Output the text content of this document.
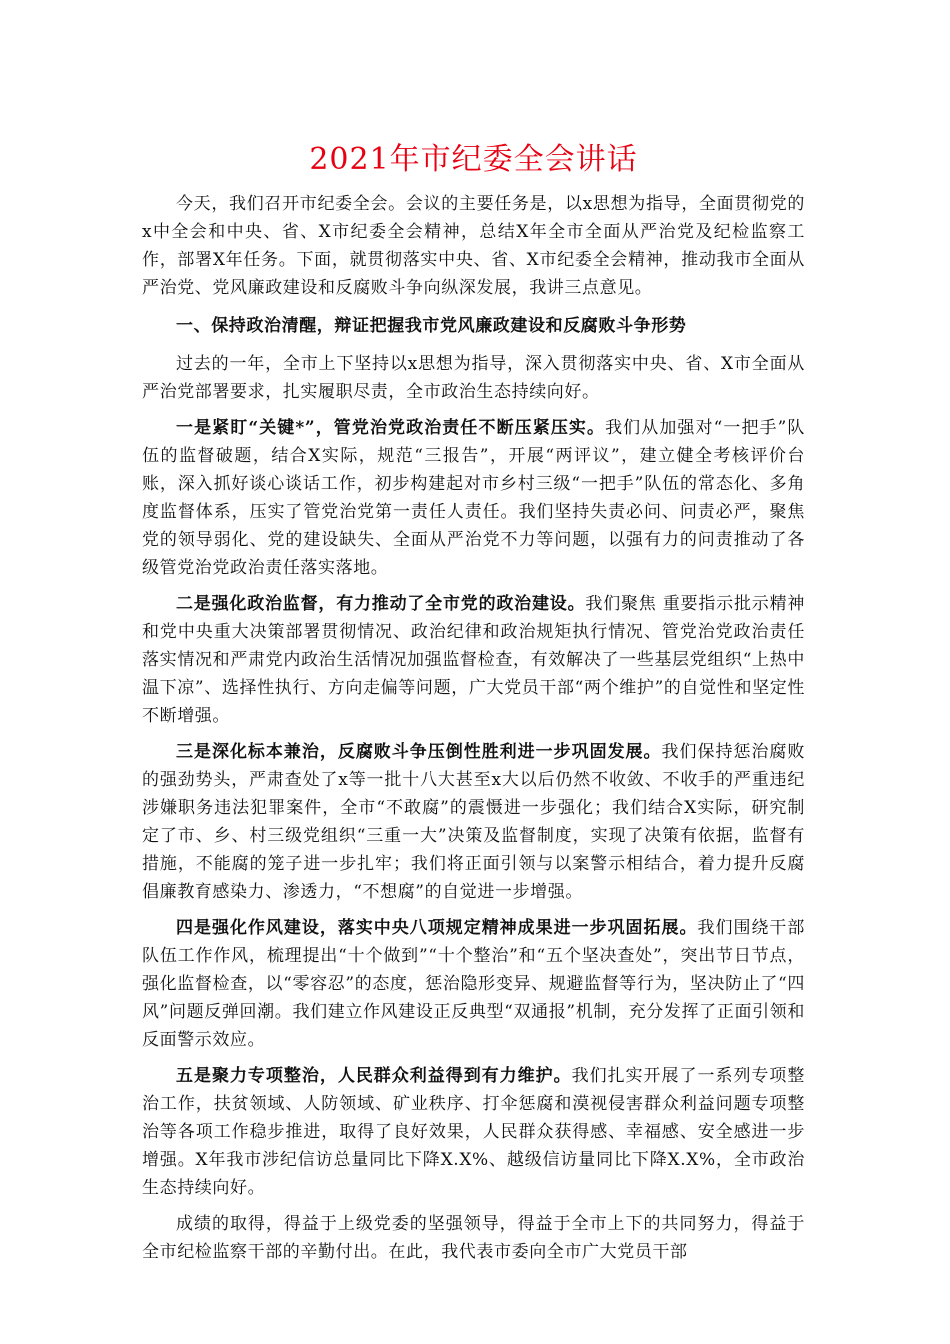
2021年市纪委全会讲话

今天，我们召开市纪委全会。会议的主要任务是，以x思想为指导，全面贯彻党的x中全会和中央、省、X市纪委全会精神，总结X年全市全面从严治党及纪检监察工作，部署X年任务。下面，就贯彻落实中央、省、X市纪委全会精神，推动我市全面从严治党、党风廉政建设和反腐败斗争向纵深发展，我讲三点意见。

一、保持政治清醒，辩证把握我市党风廉政建设和反腐败斗争形势

过去的一年，全市上下坚持以x思想为指导，深入贯彻落实中央、省、X市全面从严治党部署要求，扎实履职尽责，全市政治生态持续向好。

一是紧盯“关键*”，管党治党政治责任不断压紧压实。我们从加强对“一把手”队伍的监督破题，结合X实际，规范“三报告”，开展“两评议”，建立健全考核评价台账，深入抓好谈心谈话工作，初步构建起对市乡村三级“一把手”队伍的常态化、多角度监督体系，压实了管党治党第一责任人责任。我们坚持失责必问、问责必严，聚焦党的领导弱化、党的建设缺失、全面从严治党不力等问题，以强有力的问责推动了各级管党治党政治责任落实落地。

二是强化政治监督，有力推动了全市党的政治建设。我们聚焦 重要指示批示精神和党中央重大决策部署贯彻情况、政治纪律和政治规矩执行情况、管党治党政治责任落实情况和严肃党内政治生活情况加强监督检查，有效解决了一些基层党组织“上热中温下凉”、选择性执行、方向走偏等问题，广大党员干部“两个维护”的自觉性和坚定性不断增强。

三是深化标本兼治，反腐败斗争压倒性胜利进一步巩固发展。我们保持惩治腐败的强劲势头，严肃查处了x等一批十八大甚至x大以后仍然不收敛、不收手的严重违纪涉嫌职务违法犯罪案件，全市“不敢腐”的震慑进一步强化；我们结合X实际，研究制定了市、乡、村三级党组织“三重一大”决策及监督制度，实现了决策有依据，监督有措施，不能腐的笼子进一步扎牢；我们将正面引领与以案警示相结合，着力提升反腐倡廉教育感染力、渗透力，“不想腐”的自觉进一步增强。

四是强化作风建设，落实中央八项规定精神成果进一步巩固拓展。我们围绕干部队伍工作作风，梳理提出“十个做到”“十个整治”和“五个坚决查处”，突出节日节点，强化监督检查，以“零容忍”的态度，惩治隐形变异、规避监督等行为，坚决防止了“四风”问题反弹回潮。我们建立作风建设正反典型“双通报”机制，充分发挥了正面引领和反面警示效应。

五是聚力专项整治，人民群众利益得到有力维护。我们扎实开展了一系列专项整治工作，扶贫领域、人防领域、矿业秩序、打伞惩腐和漠视侵害群众利益问题专项整治等各项工作稳步推进，取得了良好效果，人民群众获得感、幸福感、安全感进一步增强。X年我市涉纪信访总量同比下降X.X%、越级信访量同比下降X.X%，全市政治生态持续向好。

成绩的取得，得益于上级党委的坚强领导，得益于全市上下的共同努力，得益于全市纪检监察干部的辛勤付出。在此，我代表市委向全市广大党员干部
